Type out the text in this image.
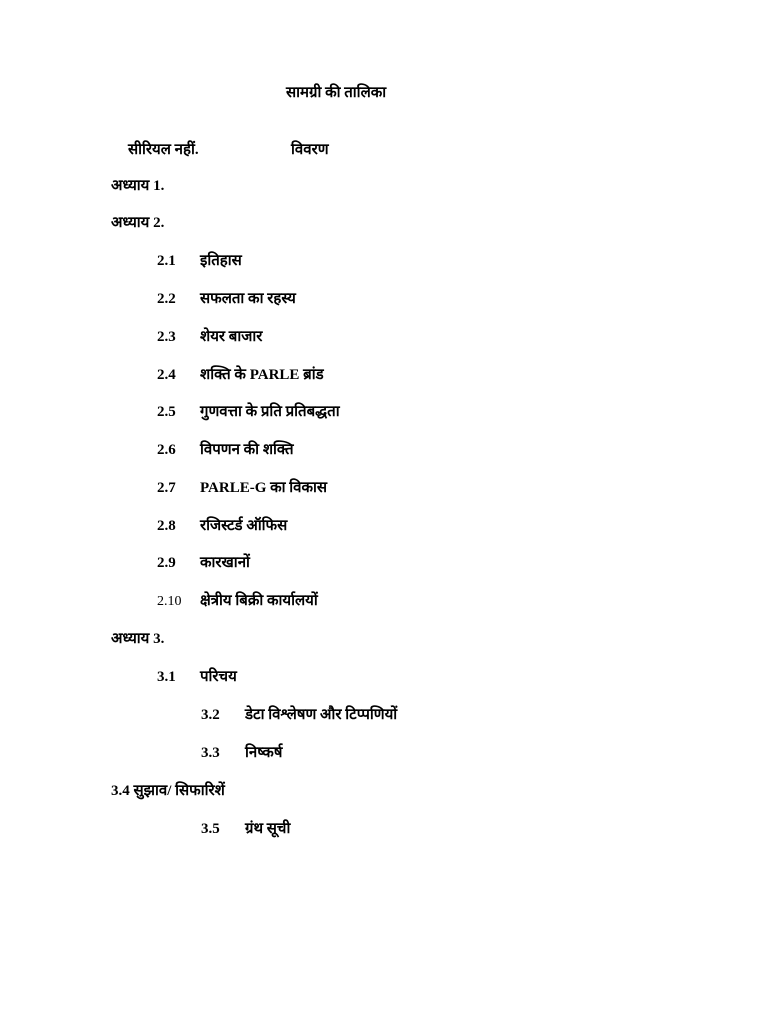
सामग्री की तालिका
सीरियल नहीं.	विवरण
अध्याय 1.
अध्याय 2.
2.1 इतिहास
2.2 सफलता का रहस्य
2.3 शेयर बाजार
2.4 शक्ति के PARLE ब्रांड
2.5 गुणवत्ता के प्रति प्रतिबद्धता
2.6 विपणन की शक्ति
2.7 PARLE-G का विकास
2.8 रजिस्टर्ड ऑफिस
2.9 कारखानों
2.10 क्षेत्रीय बिक्री कार्यालयों
अध्याय 3.
3.1 परिचय
3.2 डेटा विश्लेषण और टिप्पणियों
3.3 निष्कर्ष
3.4 सुझाव/ सिफारिशें
3.5 ग्रंथ सूची
